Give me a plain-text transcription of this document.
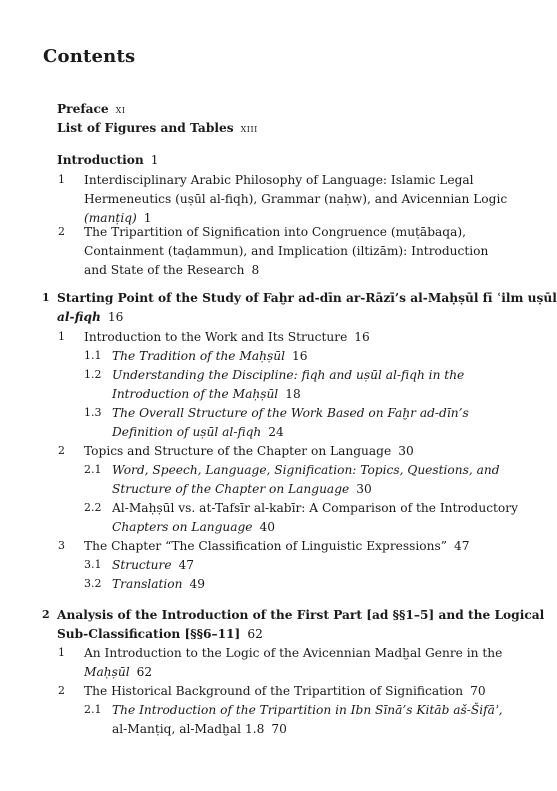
Contents
Preface xi
List of Figures and Tables xiii
Introduction 1
1 Interdisciplinary Arabic Philosophy of Language: Islamic Legal
Hermeneutics (uṣūl al-fiqh), Grammar (naḥw), and Avicennian Logic
(manṭiq) 1
2 The Tripartition of Signification into Congruence (muṭābaqa),
Containment (taḍammun), and Implication (iltizām): Introduction
and State of the Research 8
1 Starting Point of the Study of Faḫr ad-dīn ar-Rāzī’s al-Maḥṣūl fī ʿilm uṣūl
al-fiqh 16
1 Introduction to the Work and Its Structure 16
1.1 The Tradition of the Maḥṣūl 16
1.2 Understanding the Discipline: fiqh and uṣūl al-fiqh in the
Introduction of the Maḥṣūl 18
1.3 The Overall Structure of the Work Based on Faḫr ad-dīn’s
Definition of uṣūl al-fiqh 24
2 Topics and Structure of the Chapter on Language 30
2.1 Word, Speech, Language, Signification: Topics, Questions, and
Structure of the Chapter on Language 30
2.2 Al-Maḥṣūl vs. at-Tafsīr al-kabīr: A Comparison of the Introductory
Chapters on Language 40
3 The Chapter “The Classification of Linguistic Expressions” 47
3.1 Structure 47
3.2 Translation 49
2 Analysis of the Introduction of the First Part [ad §§1–5] and the Logical
Sub-Classification [§§6–11] 62
1 An Introduction to the Logic of the Avicennian Madḫal Genre in the
Maḥṣūl 62
2 The Historical Background of the Tripartition of Signification 70
2.1 The Introduction of the Tripartition in Ibn Sīnā’s Kitāb aš-Šifāʾ,
al-Manṭiq, al-Madḫal 1.8 70
